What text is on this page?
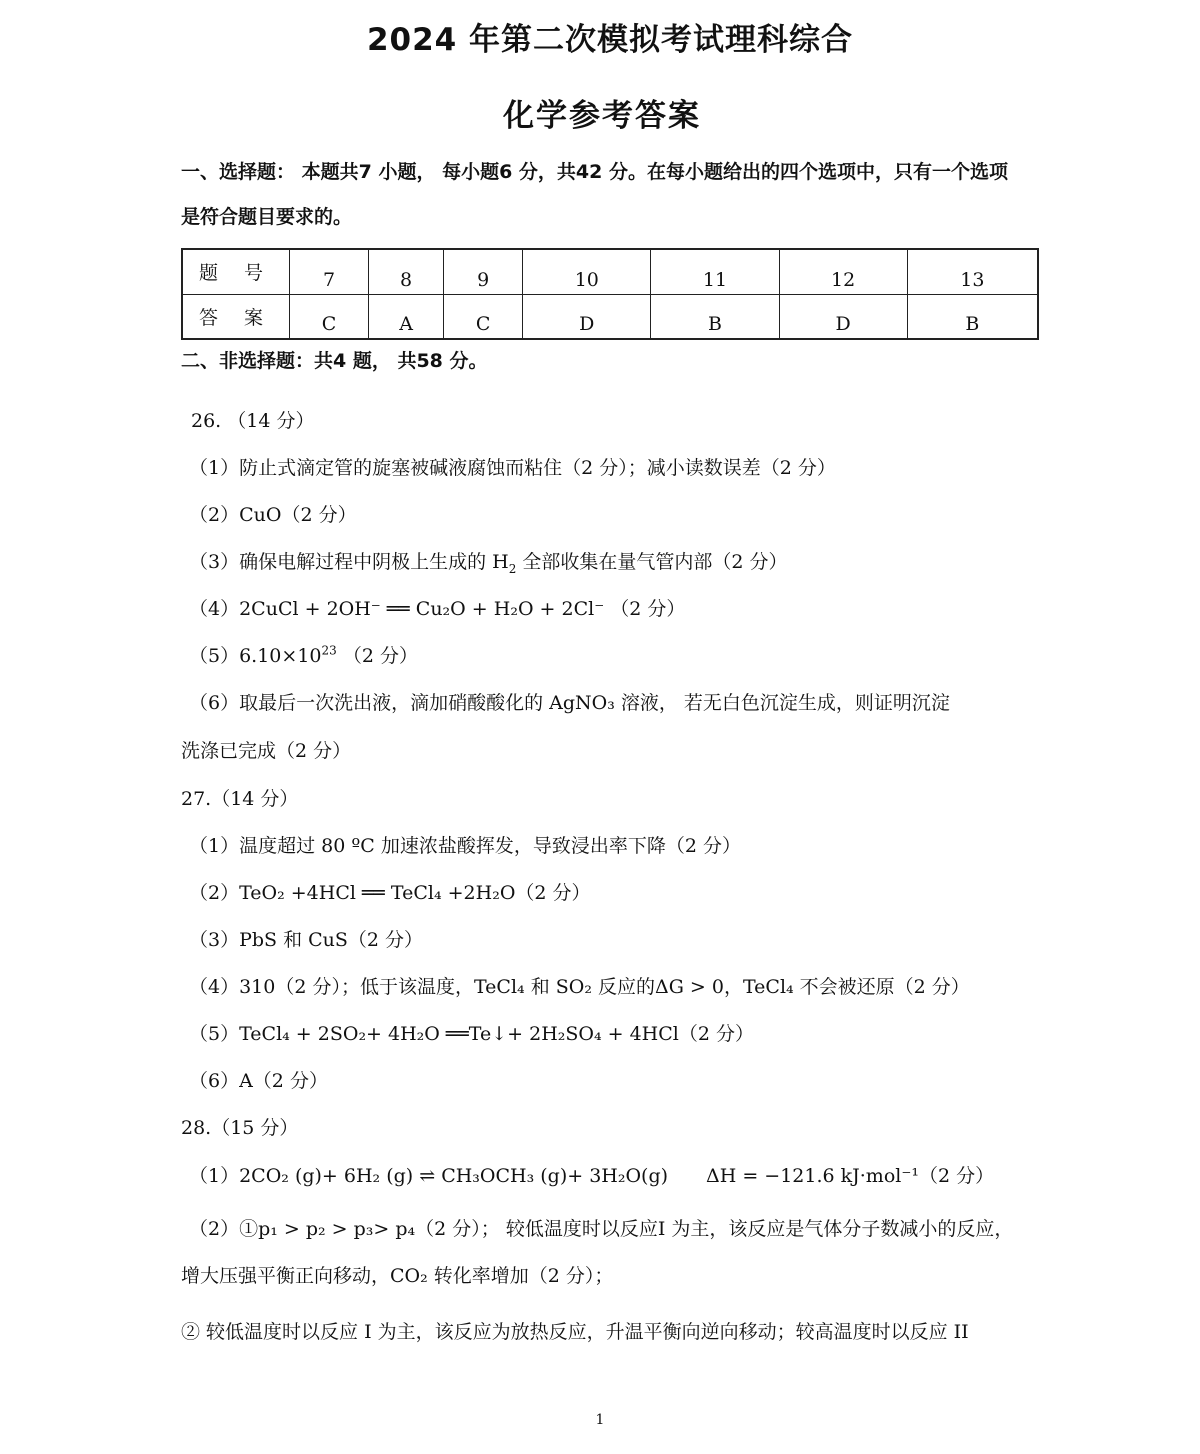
2024 年第二次模拟考试理科综合
化学参考答案
一、选择题： 本题共7 小题， 每小题6 分，共42 分。在每小题给出的四个选项中，只有一个选项
是符合题目要求的。
题 号	7	8	9	10	11	12	13
答 案	C	A	C	D	B	D	B
二、非选择题：共4 题， 共58 分。
26. （14 分）
（1）防止式滴定管的旋塞被碱液腐蚀而粘住（2 分）；减小读数误差（2 分）
（2）CuO（2 分）
（3）确保电解过程中阴极上生成的 $H_2$ 全部收集在量气管内部（2 分）
（4）2CuCl + 2OH⁻ ══ Cu₂O + H₂O + 2Cl⁻ （2 分）
$(5)6.10\times 10^{23}$ （2 分）
（6）取最后一次洗出液，滴加硝酸酸化的 AgNO₃ 溶液， 若无白色沉淀生成，则证明沉淀
洗涤已完成（2 分）
27.（14 分）
（1）温度超过 80 ºC 加速浓盐酸挥发，导致浸出率下降（2 分）
（2）TeO₂ +4HCl ══ TeCl₄ +2H₂O（2 分）
（3）PbS 和 CuS（2 分）
（4）310（2 分）；低于该温度，TeCl₄ 和 SO₂ 反应的ΔG > 0，TeCl₄ 不会被还原（2 分）
（5）TeCl₄ + 2SO₂+ 4H₂O ══Te↓+ 2H₂SO₄ + 4HCl（2 分）
（6）A（2 分）
28.（15 分）
（1）2CO₂ (g)+ 6H₂ (g) ⇌ CH₃OCH₃ (g)+ 3H₂O(g) ΔH = −121.6 kJ·mol⁻¹（2 分）
（2）①p₁ > p₂ > p₃> p₄（2 分）； 较低温度时以反应I 为主，该反应是气体分子数减小的反应，
增大压强平衡正向移动，CO₂ 转化率增加（2 分）；
② 较低温度时以反应 I 为主，该反应为放热反应，升温平衡向逆向移动；较高温度时以反应 II
1
